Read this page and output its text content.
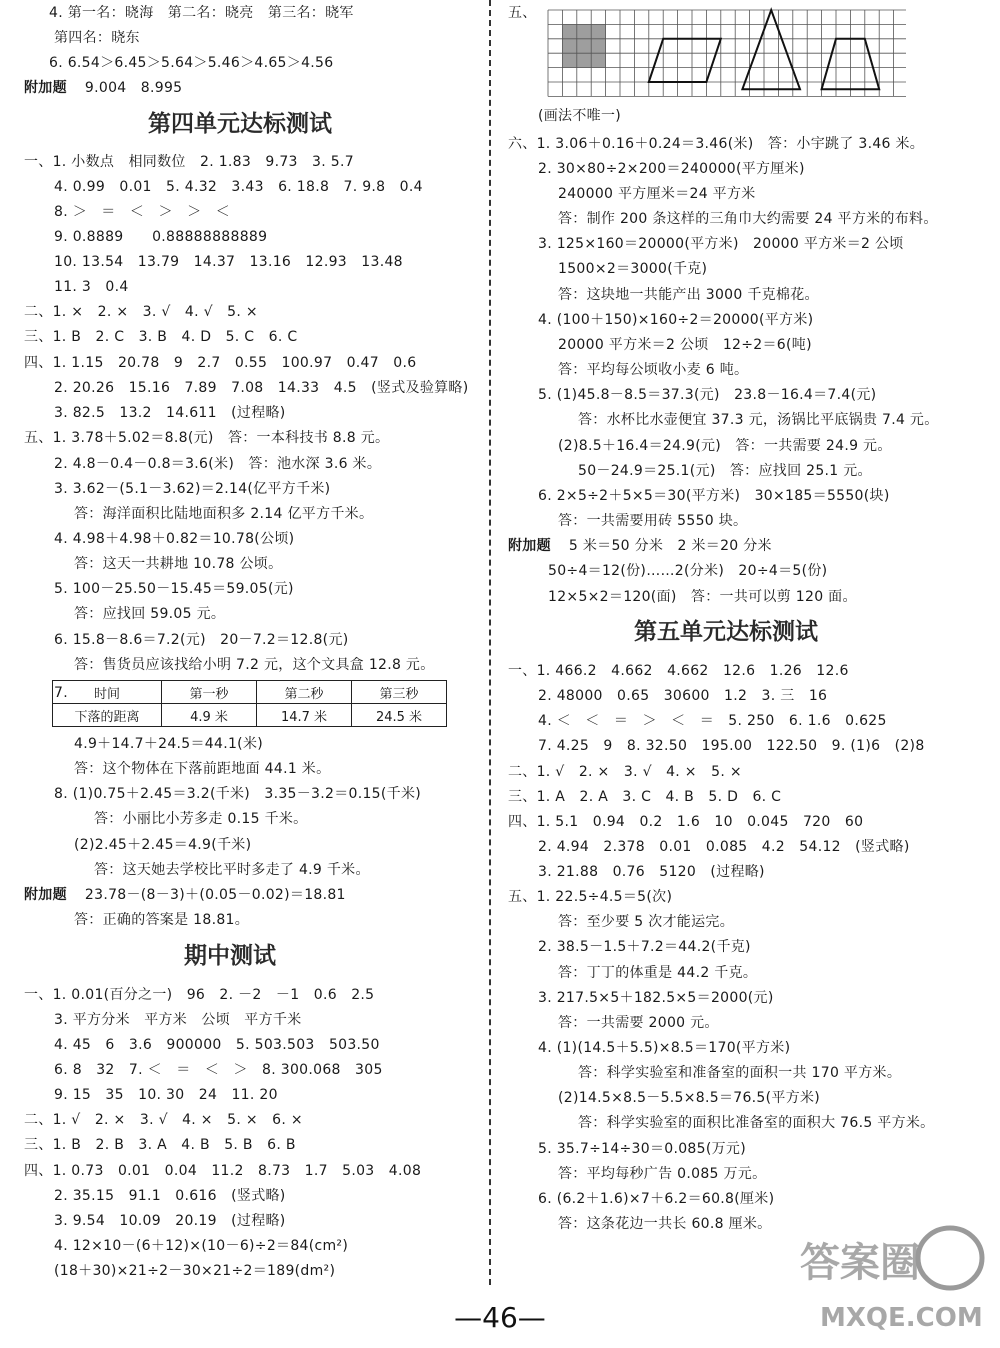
4. 第一名：晓海　第二名：晓亮　第三名：晓军
第四名：晓东
6. 6.54＞6.45＞5.64＞5.46＞4.65＞4.56
附加题 9.004　8.995
一、1. 小数点　相同数位　2. 1.83　9.73　3. 5.7
4. 0.99　0.01　5. 4.32　3.43　6. 18.8　7. 9.8　0.4
8. ＞　＝　＜　＞　＞　＜
9. 0.8889　　0.88888888889
10. 13.54　13.79　14.37　13.16　12.93　13.48
11. 3　0.4
二、1. ×　2. ×　3. √　4. √　5. ×
三、1. B　2. C　3. B　4. D　5. C　6. C
四、1. 1.15　20.78　9　2.7　0.55　100.97　0.47　0.6
2. 20.26　15.16　7.89　7.08　14.33　4.5　(竖式及验算略)
3. 82.5　13.2　14.611　(过程略)
五、1. 3.78＋5.02＝8.8(元)　答：一本科技书 8.8 元。
2. 4.8－0.4－0.8＝3.6(米)　答：池水深 3.6 米。
3. 3.62－(5.1－3.62)＝2.14(亿平方千米)
答：海洋面积比陆地面积多 2.14 亿平方千米。
4. 4.98＋4.98＋0.82＝10.78(公顷)
答：这天一共耕地 10.78 公顷。
5. 100－25.50－15.45＝59.05(元)
答：应找回 59.05 元。
6. 15.8－8.6＝7.2(元)　20－7.2＝12.8(元)
答：售货员应该找给小明 7.2 元，这个文具盒 12.8 元。
7.
4.9＋14.7＋24.5＝44.1(米)
答：这个物体在下落前距地面 44.1 米。
8. (1)0.75＋2.45＝3.2(千米)　3.35－3.2＝0.15(千米)
答：小丽比小芳多走 0.15 千米。
(2)2.45＋2.45＝4.9(千米)
答：这天她去学校比平时多走了 4.9 千米。
附加题 23.78－(8－3)＋(0.05－0.02)＝18.81
答：正确的答案是 18.81。
一、1. 0.01(百分之一)　96　2. －2　－1　0.6　2.5
3. 平方分米　平方米　公顷　平方千米
4. 45　6　3.6　900000　5. 503.503　503.50
6. 8　32　7. ＜　＝　＜　＞　8. 300.068　305
9. 15　35　10. 30　24　11. 20
二、1. √　2. ×　3. √　4. ×　5. ×　6. ×
三、1. B　2. B　3. A　4. B　5. B　6. B
四、1. 0.73　0.01　0.04　11.2　8.73　1.7　5.03　4.08
2. 35.15　91.1　0.616　(竖式略)
3. 9.54　10.09　20.19　(过程略)
4. 12×10－(6＋12)×(10－6)÷2＝84(cm²)
(18＋30)×21÷2－30×21÷2＝189(dm²)
第四单元达标测试
期中测试
五、
(画法不唯一)
六、1. 3.06＋0.16＋0.24＝3.46(米)　答：小宇跳了 3.46 米。
2. 30×80÷2×200＝240000(平方厘米)
240000 平方厘米＝24 平方米
答：制作 200 条这样的三角巾大约需要 24 平方米的布料。
3. 125×160＝20000(平方米)　20000 平方米＝2 公顷
1500×2＝3000(千克)
答：这块地一共能产出 3000 千克棉花。
4. (100＋150)×160÷2＝20000(平方米)
20000 平方米＝2 公顷　12÷2＝6(吨)
答：平均每公顷收小麦 6 吨。
5. (1)45.8－8.5＝37.3(元)　23.8－16.4＝7.4(元)
答：水杯比水壶便宜 37.3 元，汤锅比平底锅贵 7.4 元。
(2)8.5＋16.4＝24.9(元)　答：一共需要 24.9 元。
50－24.9＝25.1(元)　答：应找回 25.1 元。
6. 2×5÷2＋5×5＝30(平方米)　30×185＝5550(块)
答：一共需要用砖 5550 块。
附加题 5 米＝50 分米　2 米＝20 分米
50÷4＝12(份)……2(分米)　20÷4＝5(份)
12×5×2＝120(面)　答：一共可以剪 120 面。
一、1. 466.2　4.662　4.662　12.6　1.26　12.6
2. 48000　0.65　30600　1.2　3. 三　16
4. ＜　＜　＝　＞　＜　＝　5. 250　6. 1.6　0.625
7. 4.25　9　8. 32.50　195.00　122.50　9. (1)6　(2)8
二、1. √　2. ×　3. √　4. ×　5. ×
三、1. A　2. A　3. C　4. B　5. D　6. C
四、1. 5.1　0.94　0.2　1.6　10　0.045　720　60
2. 4.94　2.378　0.01　0.085　4.2　54.12　(竖式略)
3. 21.88　0.76　5120　(过程略)
五、1. 22.5÷4.5＝5(次)
答：至少要 5 次才能运完。
2. 38.5－1.5＋7.2＝44.2(千克)
答：丁丁的体重是 44.2 千克。
3. 217.5×5＋182.5×5＝2000(元)
答：一共需要 2000 元。
4. (1)(14.5＋5.5)×8.5＝170(平方米)
答：科学实验室和准备室的面积一共 170 平方米。
(2)14.5×8.5－5.5×8.5＝76.5(平方米)
答：科学实验室的面积比准备室的面积大 76.5 平方米。
5. 35.7÷14÷30＝0.085(万元)
答：平均每秒广告 0.085 万元。
6. (6.2＋1.6)×7＋6.2＝60.8(厘米)
答：这条花边一共长 60.8 厘米。
第五单元达标测试
时间	第一秒	第二秒	第三秒
下落的距离	4.9 米	14.7 米	24.5 米
—46—
答案圈
MXQE.COM
